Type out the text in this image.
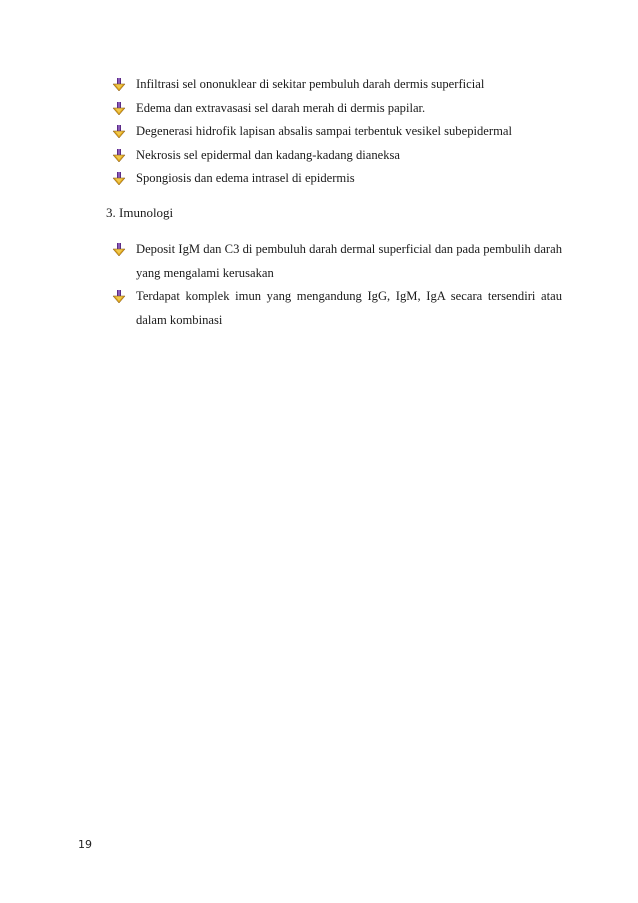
Infiltrasi sel ononuklear di sekitar pembuluh darah dermis superficial
Edema dan extravasasi sel darah merah di dermis papilar.
Degenerasi hidrofik lapisan absalis sampai terbentuk vesikel subepidermal
Nekrosis sel epidermal dan kadang-kadang dianeksa
Spongiosis dan edema intrasel di epidermis
3. Imunologi
Deposit IgM dan C3 di pembuluh darah dermal superficial dan pada pembulih darah yang mengalami kerusakan
Terdapat komplek imun yang mengandung IgG, IgM, IgA secara tersendiri atau dalam kombinasi
19
